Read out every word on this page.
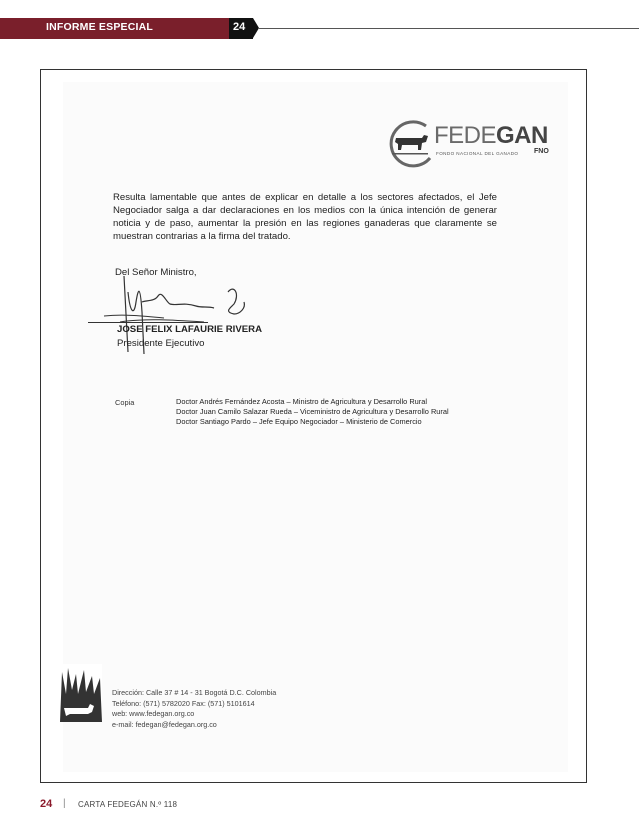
INFORME ESPECIAL	24
FEDEGAN
FONDO NACIONAL DEL GANADO FNO
Resulta lamentable que antes de explicar en detalle a los sectores afectados, el Jefe Negociador salga a dar declaraciones en los medios con la única intención de generar noticia y de paso, aumentar la presión en las regiones ganaderas que claramente se muestran contrarias a la firma del tratado.
Del Señor Ministro,
JOSE FELIX LAFAURIE RIVERA
Presidente Ejecutivo
Copia	Doctor Andrés Fernández Acosta – Ministro de Agricultura y Desarrollo Rural
Doctor Juan Camilo Salazar Rueda – Viceministro de Agricultura y Desarrollo Rural
Doctor Santiago Pardo – Jefe Equipo Negociador – Ministerio de Comercio
Dirección: Calle 37 # 14 - 31 Bogotá D.C. Colombia
Teléfono: (571) 5782020 Fax: (571) 5101614
web: www.fedegan.org.co
e-mail: fedegan@fedegan.org.co
24 | CARTA FEDEGÁN N.º 118
